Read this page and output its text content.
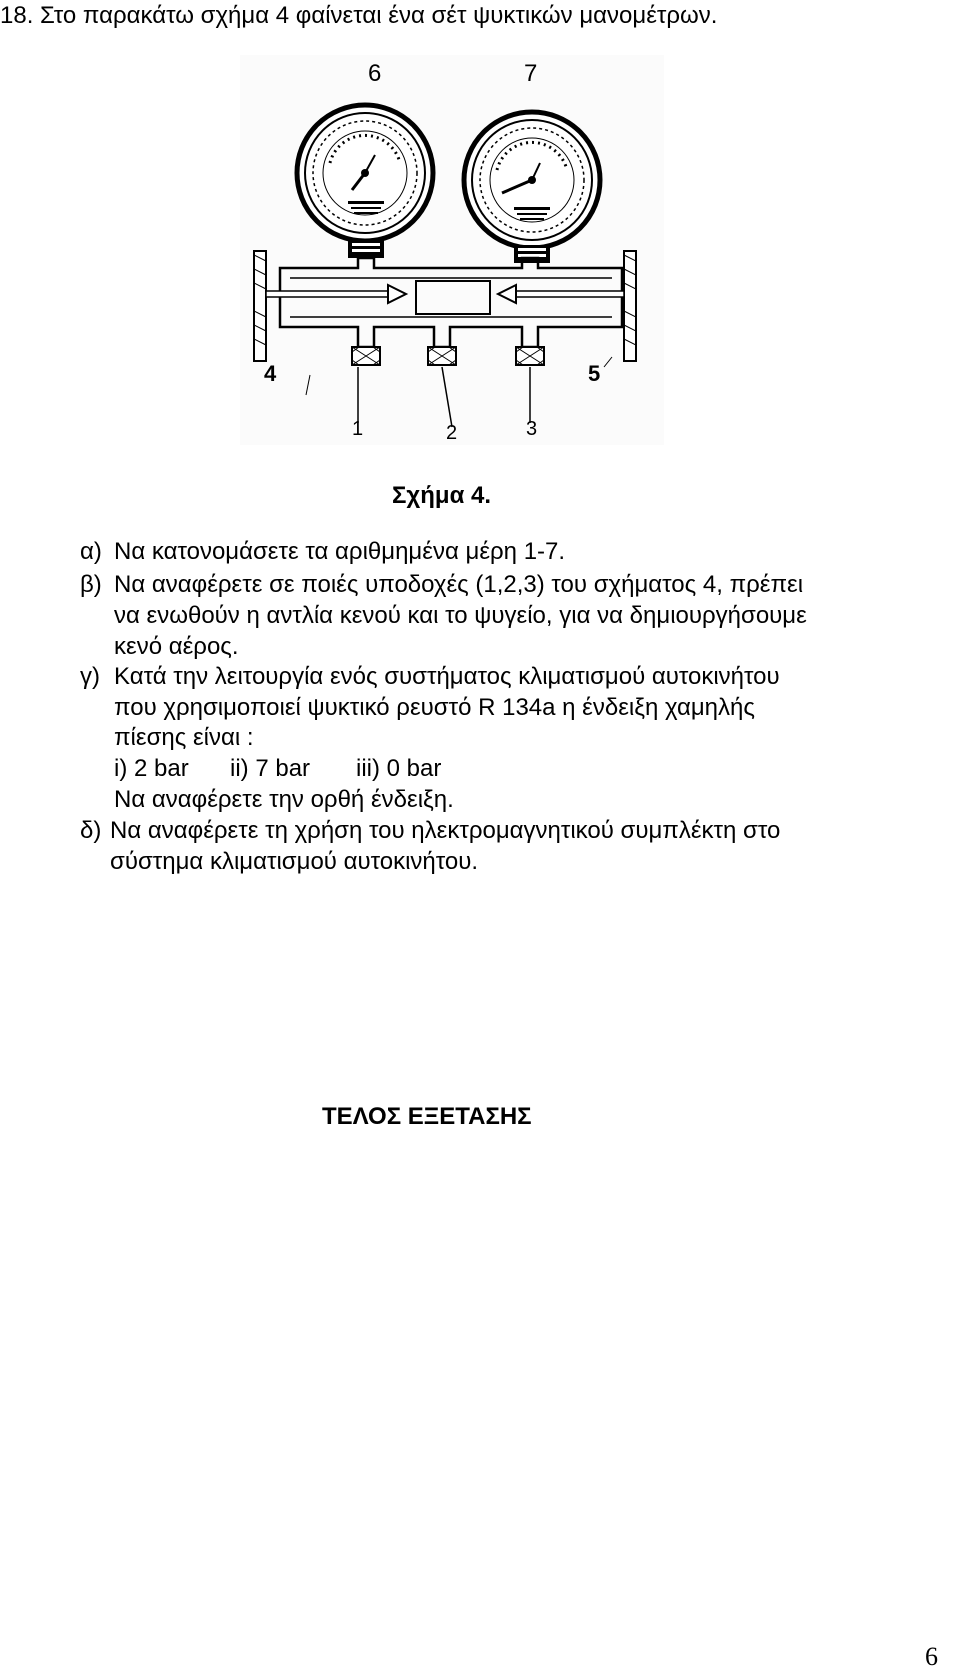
18. Στο παρακάτω σχήμα 4 φαίνεται ένα σέτ ψυκτικών μανομέτρων.
6	7
4	5
1	2	3
Σχήμα 4.
α) Να κατονομάσετε τα αριθμημένα μέρη 1-7.
β) Να αναφέρετε σε ποιές υποδοχές (1,2,3) του σχήματος 4, πρέπει
να ενωθούν η αντλία κενού και το ψυγείο, για να δημιουργήσουμε
κενό αέρος.
γ) Κατά την λειτουργία ενός συστήματος κλιματισμού αυτοκινήτου
που χρησιμοποιεί ψυκτικό ρευστό R 134a η ένδειξη χαμηλής
πίεσης είναι :
i) 2 bar ii) 7 bar iii) 0 bar
Να αναφέρετε την ορθή ένδειξη.
δ) Να αναφέρετε τη χρήση του ηλεκτρομαγνητικού συμπλέκτη στο
σύστημα κλιματισμού αυτοκινήτου.
ΤΕΛΟΣ ΕΞΕΤΑΣΗΣ
6
